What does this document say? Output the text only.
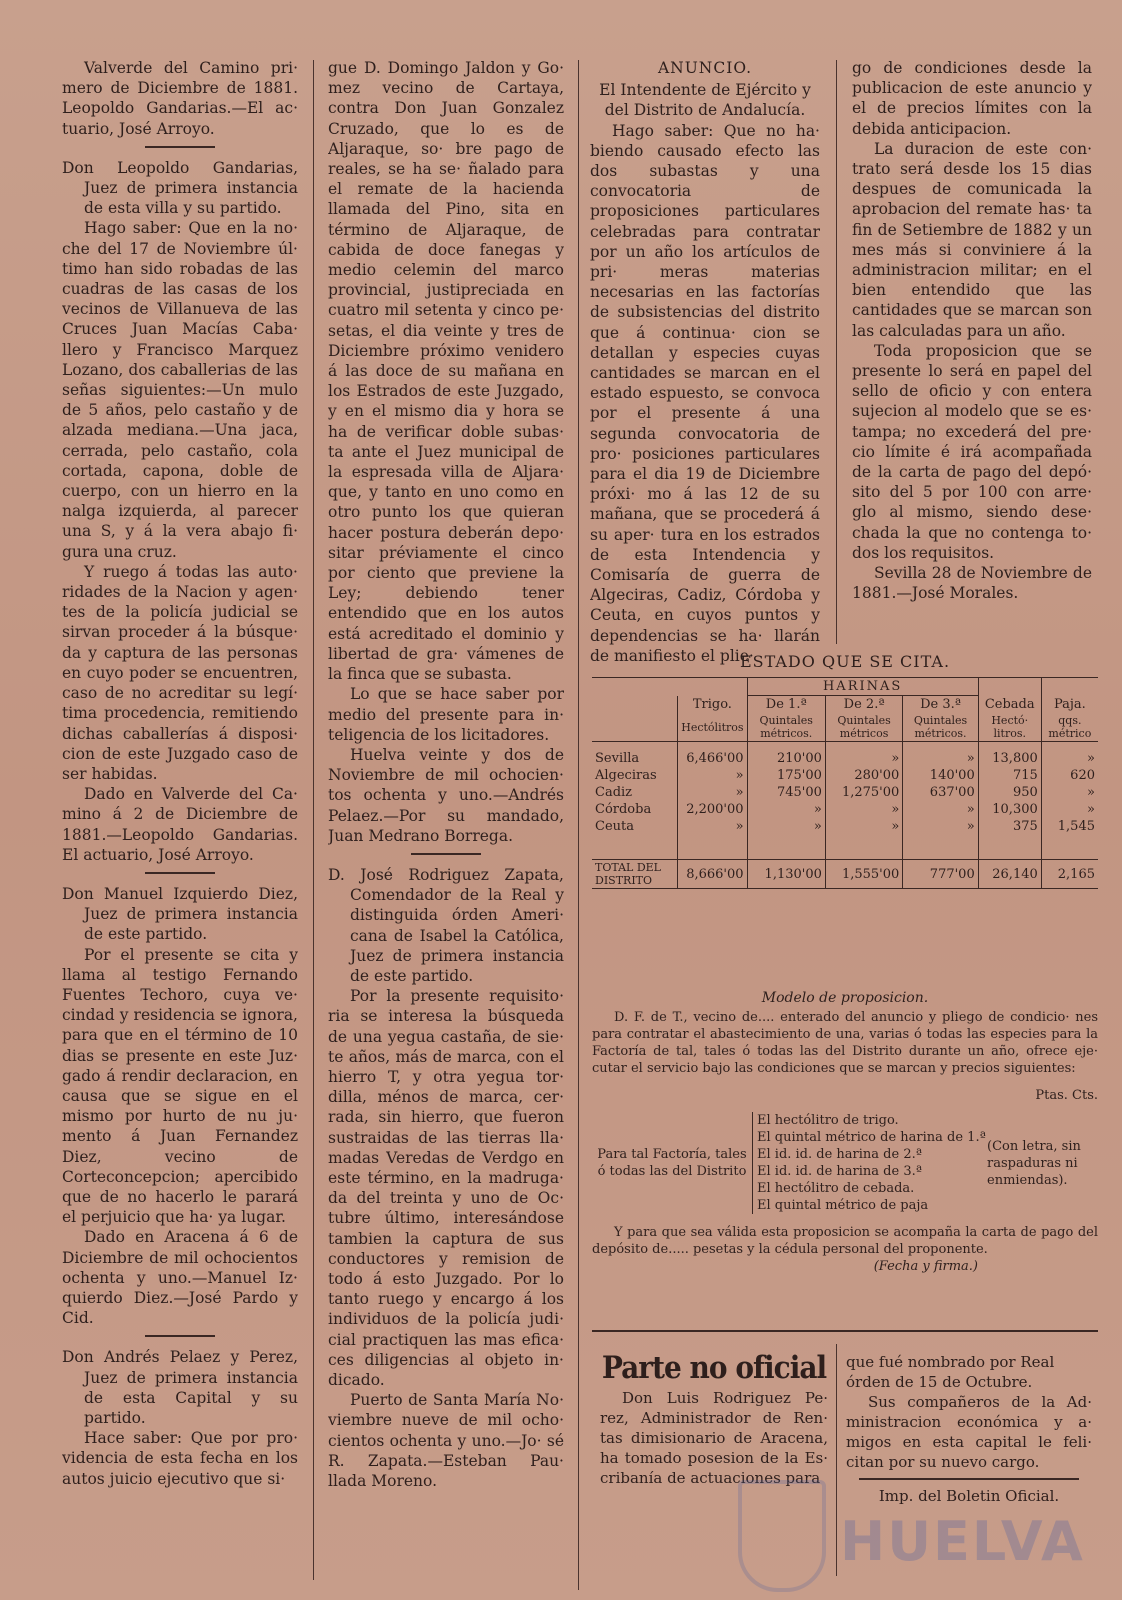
Valverde del Camino pri· mero de Diciembre de 1881. Leopoldo Gandarias.—El ac· tuario, José Arroyo.

Don Leopoldo Gandarias, Juez de primera instancia de esta villa y su partido.

Hago saber: Que en la no· che del 17 de Noviembre úl· timo han sido robadas de las cuadras de las casas de los vecinos de Villanueva de las Cruces Juan Macías Caba· llero y Francisco Marquez Lozano, dos caballerias de las señas siguientes:—Un mulo de 5 años, pelo castaño y de alzada mediana.—Una jaca, cerrada, pelo castaño, cola cortada, capona, doble de cuerpo, con un hierro en la nalga izquierda, al parecer una S, y á la vera abajo fi· gura una cruz.

Y ruego á todas las auto· ridades de la Nacion y agen· tes de la policía judicial se sirvan proceder á la búsque· da y captura de las personas en cuyo poder se encuentren, caso de no acreditar su legí· tima procedencia, remitiendo dichas caballerías á disposi· cion de este Juzgado caso de ser habidas.

Dado en Valverde del Ca· mino á 2 de Diciembre de 1881.—Leopoldo Gandarias. El actuario, José Arroyo.

Don Manuel Izquierdo Diez, Juez de primera instancia de este partido.

Por el presente se cita y llama al testigo Fernando Fuentes Techoro, cuya ve· cindad y residencia se ignora, para que en el término de 10 dias se presente en este Juz· gado á rendir declaracion, en causa que se sigue en el mismo por hurto de nu ju· mento á Juan Fernandez Diez, vecino de Corteconcepcion; apercibido que de no hacerlo le parará el perjuicio que ha· ya lugar.

Dado en Aracena á 6 de Diciembre de mil ochocientos ochenta y uno.—Manuel Iz· quierdo Diez.—José Pardo y Cid.

Don Andrés Pelaez y Perez, Juez de primera instancia de esta Capital y su partido.

Hace saber: Que por pro· videncia de esta fecha en los autos juicio ejecutivo que si·

gue D. Domingo Jaldon y Go· mez vecino de Cartaya, contra Don Juan Gonzalez Cruzado, que lo es de Aljaraque, so· bre pago de reales, se ha se· ñalado para el remate de la hacienda llamada del Pino, sita en término de Aljaraque, de cabida de doce fanegas y medio celemin del marco provincial, justipreciada en cuatro mil setenta y cinco pe· setas, el dia veinte y tres de Diciembre próximo venidero á las doce de su mañana en los Estrados de este Juzgado, y en el mismo dia y hora se ha de verificar doble subas· ta ante el Juez municipal de la espresada villa de Aljara· que, y tanto en uno como en otro punto los que quieran hacer postura deberán depo· sitar préviamente el cinco por ciento que previene la Ley; debiendo tener entendido que en los autos está acreditado el dominio y libertad de gra· vámenes de la finca que se subasta.

Lo que se hace saber por medio del presente para in· teligencia de los licitadores.

Huelva veinte y dos de Noviembre de mil ochocien· tos ochenta y uno.—Andrés Pelaez.—Por su mandado, Juan Medrano Borrega.

D. José Rodriguez Zapata, Comendador de la Real y distinguida órden Ameri· cana de Isabel la Católica, Juez de primera instancia de este partido.

Por la presente requisito· ria se interesa la búsqueda de una yegua castaña, de sie· te años, más de marca, con el hierro T, y otra yegua tor· dilla, ménos de marca, cer· rada, sin hierro, que fueron sustraidas de las tierras lla· madas Veredas de Verdgo en este término, en la madruga· da del treinta y uno de Oc· tubre último, interesándose tambien la captura de sus conductores y remision de todo á esto Juzgado. Por lo tanto ruego y encargo á los individuos de la policía judi· cial practiquen las mas efica· ces diligencias al objeto in· dicado.

Puerto de Santa María No· viembre nueve de mil ocho· cientos ochenta y uno.—Jo· sé R. Zapata.—Esteban Pau· llada Moreno.

ANUNCIO.

El Intendente de Ejército y del Distrito de Andalucía.

Hago saber: Que no ha· biendo causado efecto las dos subastas y una convocatoria de proposiciones particulares celebradas para contratar por un año los artículos de pri· meras materias necesarias en las factorías de subsistencias del distrito que á continua· cion se detallan y especies cuyas cantidades se marcan en el estado espuesto, se convoca por el presente á una segunda convocatoria de pro· posiciones particulares para el dia 19 de Diciembre próxi· mo á las 12 de su mañana, que se procederá á su aper· tura en los estrados de esta Intendencia y Comisaría de guerra de Algeciras, Cadiz, Córdoba y Ceuta, en cuyos puntos y dependencias se ha· llarán de manifiesto el plie·

go de condiciones desde la publicacion de este anuncio y el de precios límites con la debida anticipacion.

La duracion de este con· trato será desde los 15 dias despues de comunicada la aprobacion del remate has· ta fin de Setiembre de 1882 y un mes más si conviniere á la administracion militar; en el bien entendido que las cantidades que se marcan son las calculadas para un año.

Toda proposicion que se presente lo será en papel del sello de oficio y con entera sujecion al modelo que se es· tampa; no excederá del pre· cio límite é irá acompañada de la carta de pago del depó· sito del 5 por 100 con arre· glo al mismo, siendo dese· chada la que no contenga to· dos los requisitos.

Sevilla 28 de Noviembre de 1881.—José Morales.

ESTADO QUE SE CITA.
		HARINAS				
	Trigo.	De 1.ª	De 2.ª	De 3.ª	Cebada	Paja.
	Hectólitros	Quintales métricos.	Quintales métricos	Quintales métricos.	Hectó· litros.	qqs. métrico

Sevilla	6,466'00	210'00	»	»	13,800	»
Algeciras	»	175'00	280'00	140'00	715	620
Cadiz	»	745'00	1,275'00	637'00	950	»
Córdoba	2,200'00	»	»	»	10,300	»
Ceuta	»	»	»	»	375	1,545

TOTAL DEL DISTRITO	8,666'00	1,130'00	1,555'00	777'00	26,140	2,165
Modelo de proposicion.

D. F. de T., vecino de.... enterado del anuncio y pliego de condicio· nes para contratar el abastecimiento de una, varias ó todas las especies para la Factoría de tal, tales ó todas las del Distrito durante un año, ofrece eje· cutar el servicio bajo las condiciones que se marcan y precios siguientes:

Ptas. Cts.
Para tal Factoría, tales ó todas las del Distrito
El hectólitro de trigo.
El quintal métrico de harina de 1.ª
El id. id. de harina de 2.ª
El id. id. de harina de 3.ª
El hectólitro de cebada.
El quintal métrico de paja
(Con letra, sin raspaduras ni enmiendas).

Y para que sea válida esta proposicion se acompaña la carta de pago del depósito de..... pesetas y la cédula personal del proponente.

(Fecha y firma.)
Parte no oficial

Don Luis Rodriguez Pe· rez, Administrador de Ren· tas dimisionario de Aracena, ha tomado posesion de la Es· cribanía de actuaciones para

que fué nombrado por Real órden de 15 de Octubre.

Sus compañeros de la Ad· ministracion económica y a· migos en esta capital le feli· citan por su nuevo cargo.

Imp. del Boletin Oficial.
HUELVA
